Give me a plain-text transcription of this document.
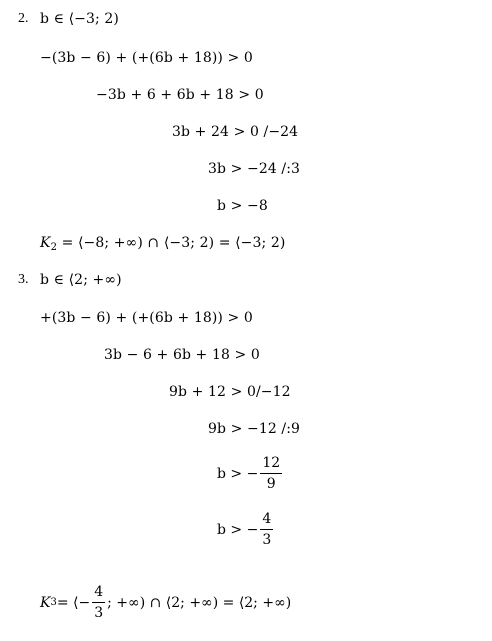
2. b ∈ ⟨−3; 2)
−(3b − 6) + (+(6b + 18)) > 0
−3b + 6 + 6b + 18 > 0
3b + 24 > 0 /−24
3b > −24 /:3
b > −8
$K_2$ = ⟨−8; +∞) ∩ ⟨−3; 2) = ⟨−3; 2)
3. b ∈ ⟨2; +∞)
+(3b − 6) + (+(6b + 18)) > 0
3b − 6 + 6b + 18 > 0
9b + 12 > 0/−12
9b > −12 /:9
b > − $\frac{12}{9}$
b > − $\frac{4}{3}$
K 3 = ⟨− $\frac{4}{3}$ ; +∞) ∩ ⟨2; +∞) = ⟨2; +∞)
